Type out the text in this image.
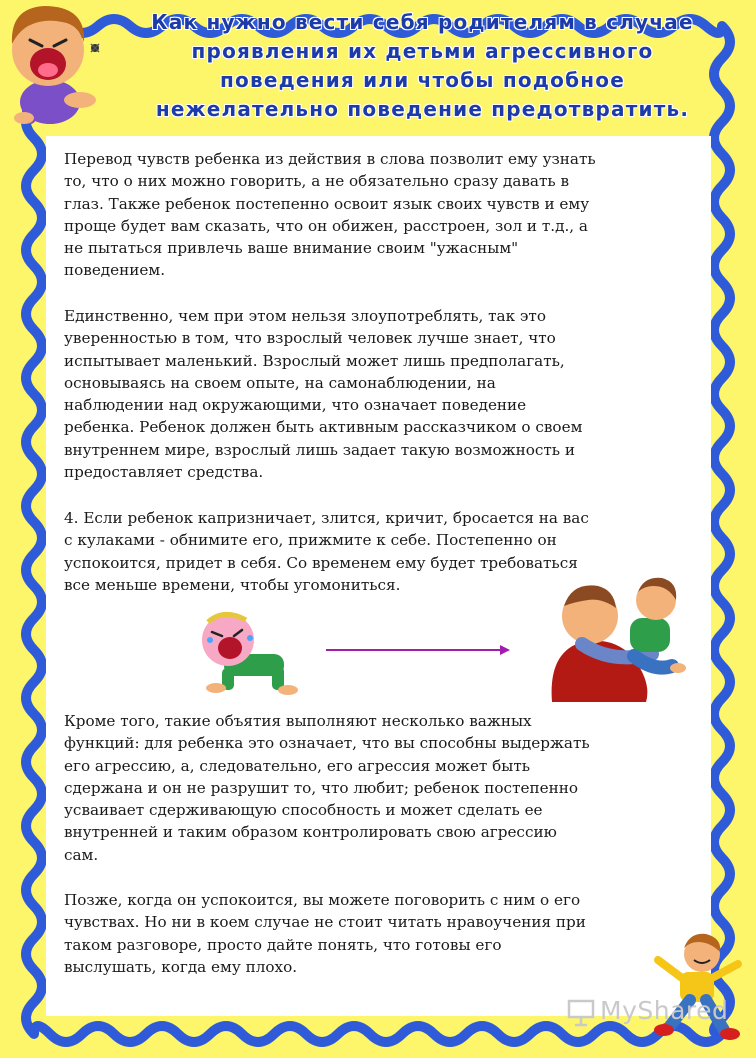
Как нужно вести себя родителям в случае
проявления их детьми агрессивного
поведения или чтобы подобное
нежелательно поведение предотвратить.
Перевод чувств ребенка из действия в слова позволит ему узнать
то, что о них можно говорить, а не обязательно сразу давать в
глаз. Также ребенок постепенно освоит язык своих чувств и ему
проще будет вам сказать, что он обижен, расстроен, зол и т.д., а
не пытаться привлечь ваше внимание своим "ужасным"
поведением.
Единственно, чем при этом нельзя злоупотреблять, так это
уверенностью в том, что взрослый человек лучше знает, что
испытывает маленький. Взрослый может лишь предполагать,
основываясь на своем опыте, на самонаблюдении, на
наблюдении над окружающими, что означает поведение
ребенка. Ребенок должен быть активным рассказчиком о своем
внутреннем мире, взрослый лишь задает такую возможность и
предоставляет средства.
4. Если ребенок капризничает, злится, кричит, бросается на вас
с кулаками - обнимите его, прижмите к себе. Постепенно он
успокоится, придет в себя. Со временем ему будет требоваться
все меньше времени, чтобы угомониться.
Кроме того, такие объятия выполняют несколько важных
функций: для ребенка это означает, что вы способны выдержать
его агрессию, а, следовательно, его агрессия может быть
сдержана и он не разрушит то, что любит; ребенок постепенно
усваивает сдерживающую способность и может сделать ее
внутренней и таким образом контролировать свою агрессию
сам.
Позже, когда он успокоится, вы можете поговорить с ним о его
чувствах. Но ни в коем случае не стоит читать нравоучения при
таком разговоре, просто дайте понять, что готовы его
выслушать, когда ему плохо.
MyShared
